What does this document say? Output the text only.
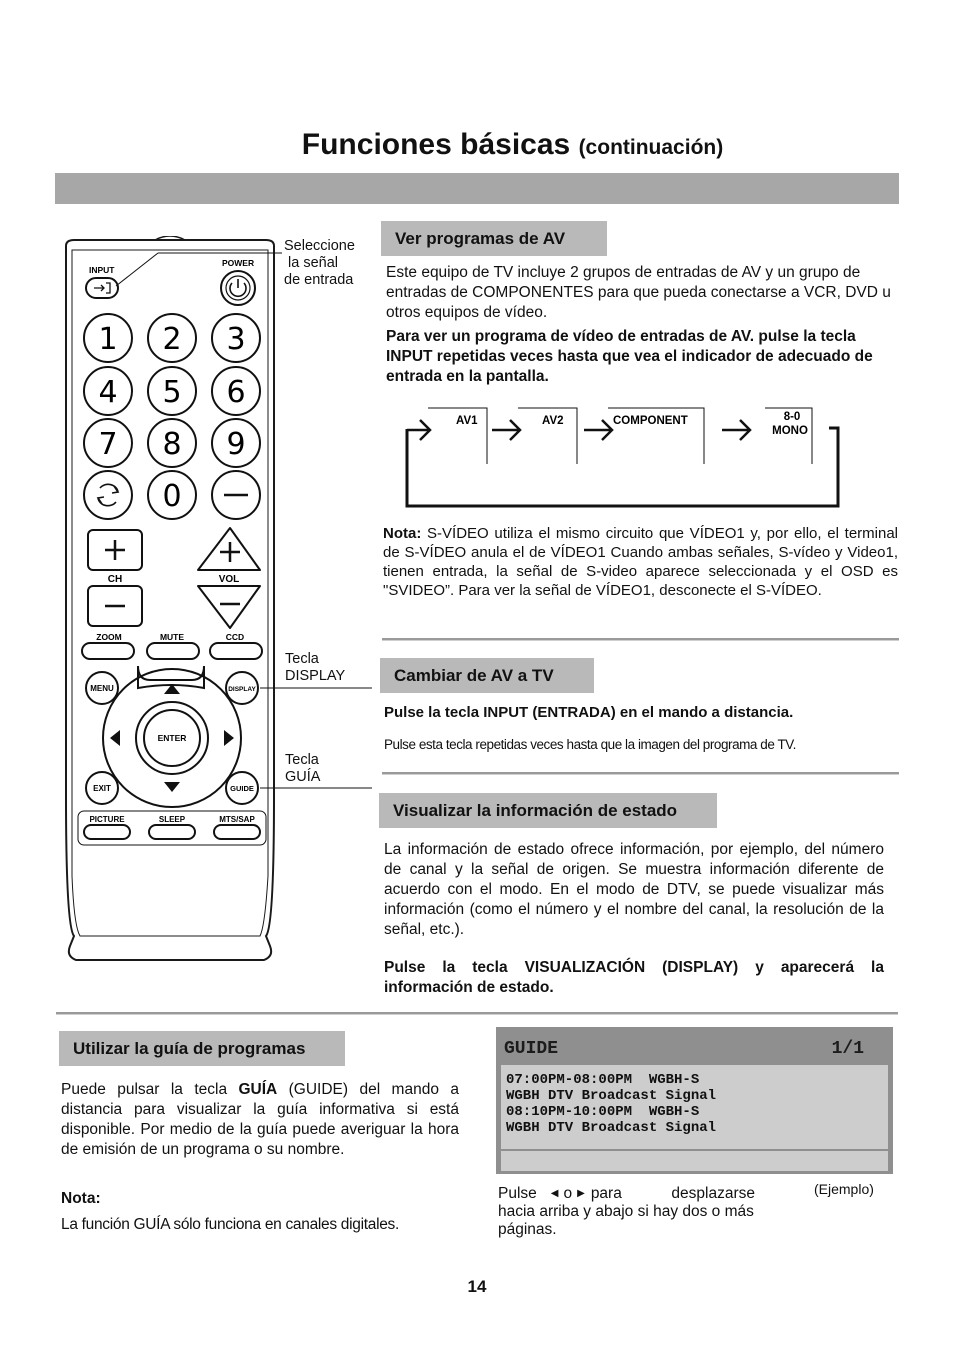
Funciones básicas (continuación)
INPUT
POWER
1 2 3
4 5 6
7 8 9
0
CH	VOL
ZOOM	MUTE	CCD
MENU	DISPLAY
ENTER
EXIT	GUIDE
PICTURE	SLEEP	MTS/SAP
Seleccione
la señal
de entrada
Tecla
DISPLAY
Tecla
GUÍA
Ver programas de AV
Este equipo de TV incluye 2 grupos de entradas de AV y un grupo de entradas de COMPONENTES para que pueda conectarse a VCR, DVD u otros equipos de vídeo.
Para ver un programa de vídeo de entradas de AV. pulse la tecla INPUT repetidas veces hasta que vea el indicador de adecuado de entrada en la pantalla.
AV1	AV2	COMPONENT	8-0
MONO
Nota: S-VÍDEO utiliza el mismo circuito que VÍDEO1 y, por ello, el terminal de S-VÍDEO anula el de VÍDEO1 Cuando ambas señales, S-vídeo y Video1, tienen entrada, la señal de S-video aparece seleccionada y el OSD es "SVIDEO”. Para ver la señal de VÍDEO1, desconecte el S-VÍDEO.
Cambiar de AV a TV
Pulse la tecla INPUT (ENTRADA) en el mando a distancia.
Pulse esta tecla repetidas veces hasta que la imagen del programa de TV.
Visualizar la información de estado
La información de estado ofrece información, por ejemplo, del número de canal y la señal de origen. Se muestra información diferente de acuerdo con el modo. En el modo de DTV, se puede visualizar más información (como el número y el nombre del canal, la resolución de la señal, etc.).
Pulse la tecla VISUALIZACIÓN (DISPLAY) y aparecerá la información de estado.
Utilizar la guía de programas
Puede pulsar la tecla GUÍA (GUIDE) del mando a distancia para visualizar la guía informativa si está disponible. Por medio de la guía puede averiguar la hora de emisión de un programa o su nombre.
Nota:
La función GUÍA sólo funciona en canales digitales.
GUIDE	1/1
07:00PM-08:00PM  WGBH-S
WGBH DTV Broadcast Signal
08:10PM-10:00PM  WGBH-S
WGBH DTV Broadcast Signal
(Ejemplo)
Pulse ◀ o ▶ para desplazarse
hacia arriba y abajo si hay dos o más páginas.
14
